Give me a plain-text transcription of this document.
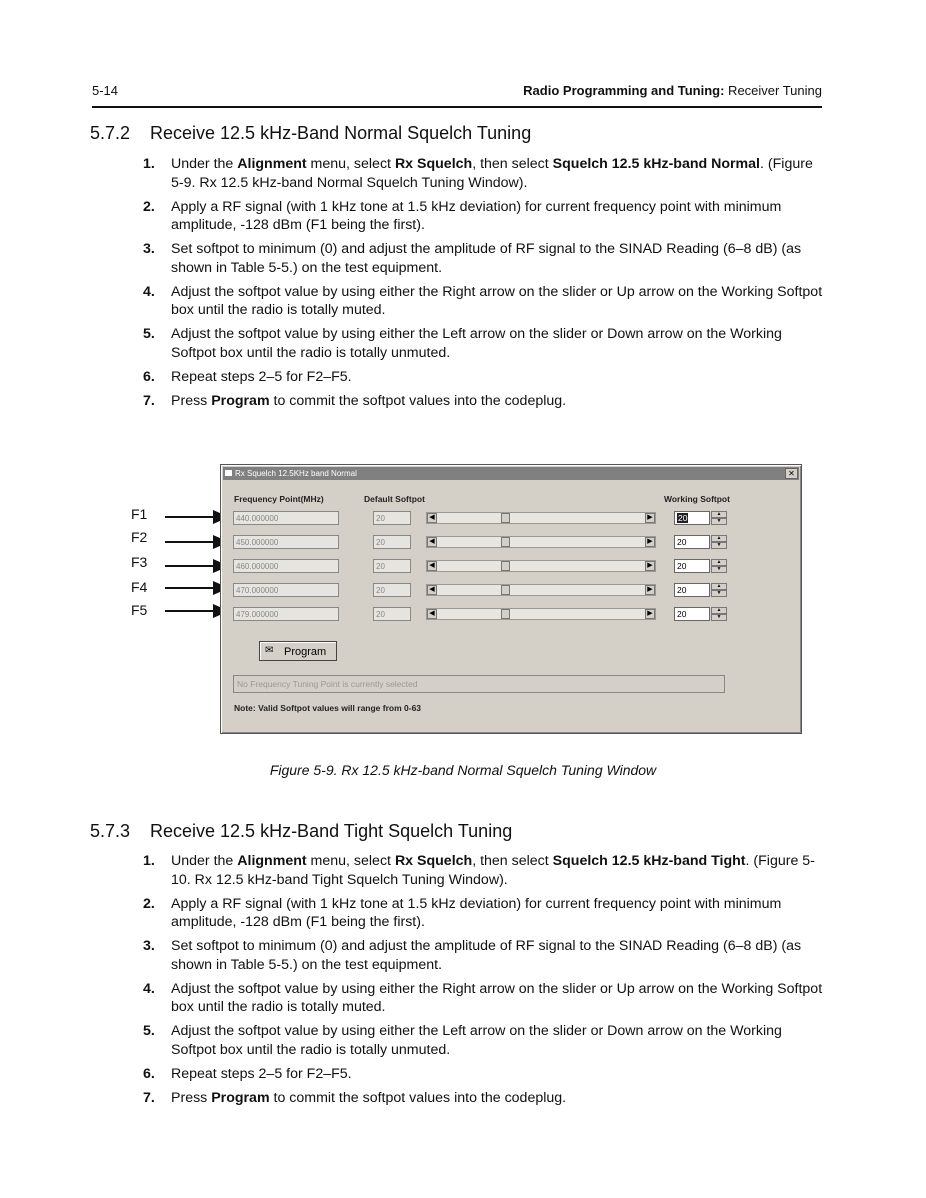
5-14	Radio Programming and Tuning: Receiver Tuning
5.7.2 Receive 12.5 kHz-Band Normal Squelch Tuning
1. Under the Alignment menu, select Rx Squelch, then select Squelch 12.5 kHz-band Normal. (Figure 5-9. Rx 12.5 kHz-band Normal Squelch Tuning Window).
2. Apply a RF signal (with 1 kHz tone at 1.5 kHz deviation) for current frequency point with minimum amplitude, -128 dBm (F1 being the first).
3. Set softpot to minimum (0) and adjust the amplitude of RF signal to the SINAD Reading (6–8 dB) (as shown in Table 5-5.) on the test equipment.
4. Adjust the softpot value by using either the Right arrow on the slider or Up arrow on the Working Softpot box until the radio is totally muted.
5. Adjust the softpot value by using either the Left arrow on the slider or Down arrow on the Working Softpot box until the radio is totally unmuted.
6. Repeat steps 2–5 for F2–F5.
7. Press Program to commit the softpot values into the codeplug.
F1
F2
F3
F4
F5
Rx Squelch 12.5KHz band Normal	✕
Frequency Point(MHz)	Default Softpot	Working Softpot
440.000000	20	◀	▶	20	▲
▼
450.000000	20	◀	▶	20	▲
▼
460.000000	20	◀	▶	20	▲
▼
470.000000	20	◀	▶	20	▲
▼
479.000000	20	◀	▶	20	▲
▼
✉ Program
No Frequency Tuning Point is currently selected
Note: Valid Softpot values will range from 0-63
Figure 5-9. Rx 12.5 kHz-band Normal Squelch Tuning Window
5.7.3 Receive 12.5 kHz-Band Tight Squelch Tuning
1. Under the Alignment menu, select Rx Squelch, then select Squelch 12.5 kHz-band Tight. (Figure 5-10. Rx 12.5 kHz-band Tight Squelch Tuning Window).
2. Apply a RF signal (with 1 kHz tone at 1.5 kHz deviation) for current frequency point with minimum amplitude, -128 dBm (F1 being the first).
3. Set softpot to minimum (0) and adjust the amplitude of RF signal to the SINAD Reading (6–8 dB) (as shown in Table 5-5.) on the test equipment.
4. Adjust the softpot value by using either the Right arrow on the slider or Up arrow on the Working Softpot box until the radio is totally muted.
5. Adjust the softpot value by using either the Left arrow on the slider or Down arrow on the Working Softpot box until the radio is totally unmuted.
6. Repeat steps 2–5 for F2–F5.
7. Press Program to commit the softpot values into the codeplug.
